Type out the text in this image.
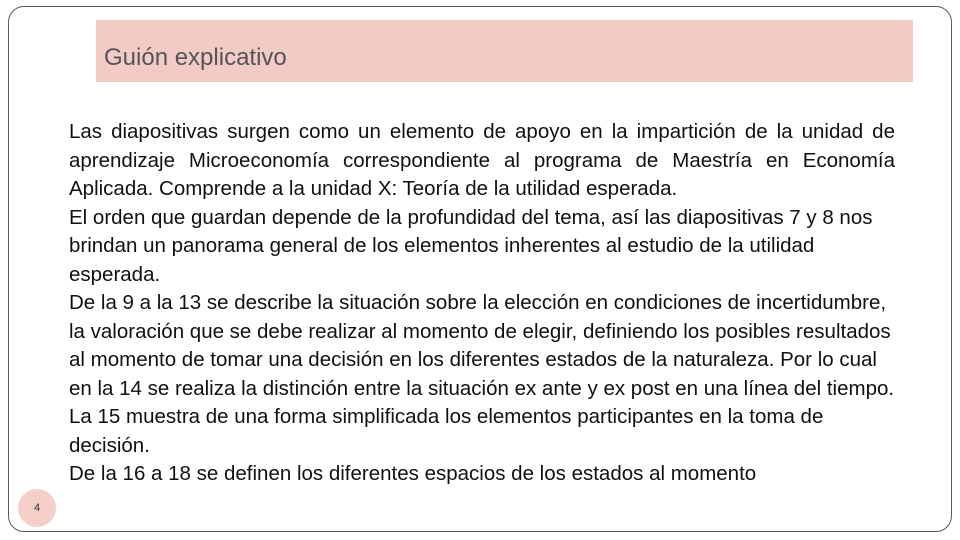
Guión explicativo

Las diapositivas surgen como un elemento de apoyo en la impartición de la unidad de aprendizaje Microeconomía correspondiente al programa de Maestría en Economía Aplicada. Comprende a la unidad X: Teoría de la utilidad esperada.

El orden que guardan depende de la profundidad del tema, así las diapositivas 7 y 8 nos brindan un panorama general de los elementos inherentes al estudio de la utilidad esperada.

De la 9 a la 13 se describe la situación sobre la elección en condiciones de incertidumbre, la valoración que se debe realizar al momento de elegir, definiendo los posibles resultados al momento de tomar una decisión en los diferentes estados de la naturaleza. Por lo cual en la 14 se realiza la distinción entre la situación ex ante y ex post en una línea del tiempo.

La 15 muestra de una forma simplificada los elementos participantes en la toma de decisión.

De la 16 a 18 se definen los diferentes espacios de los estados al momento

4
